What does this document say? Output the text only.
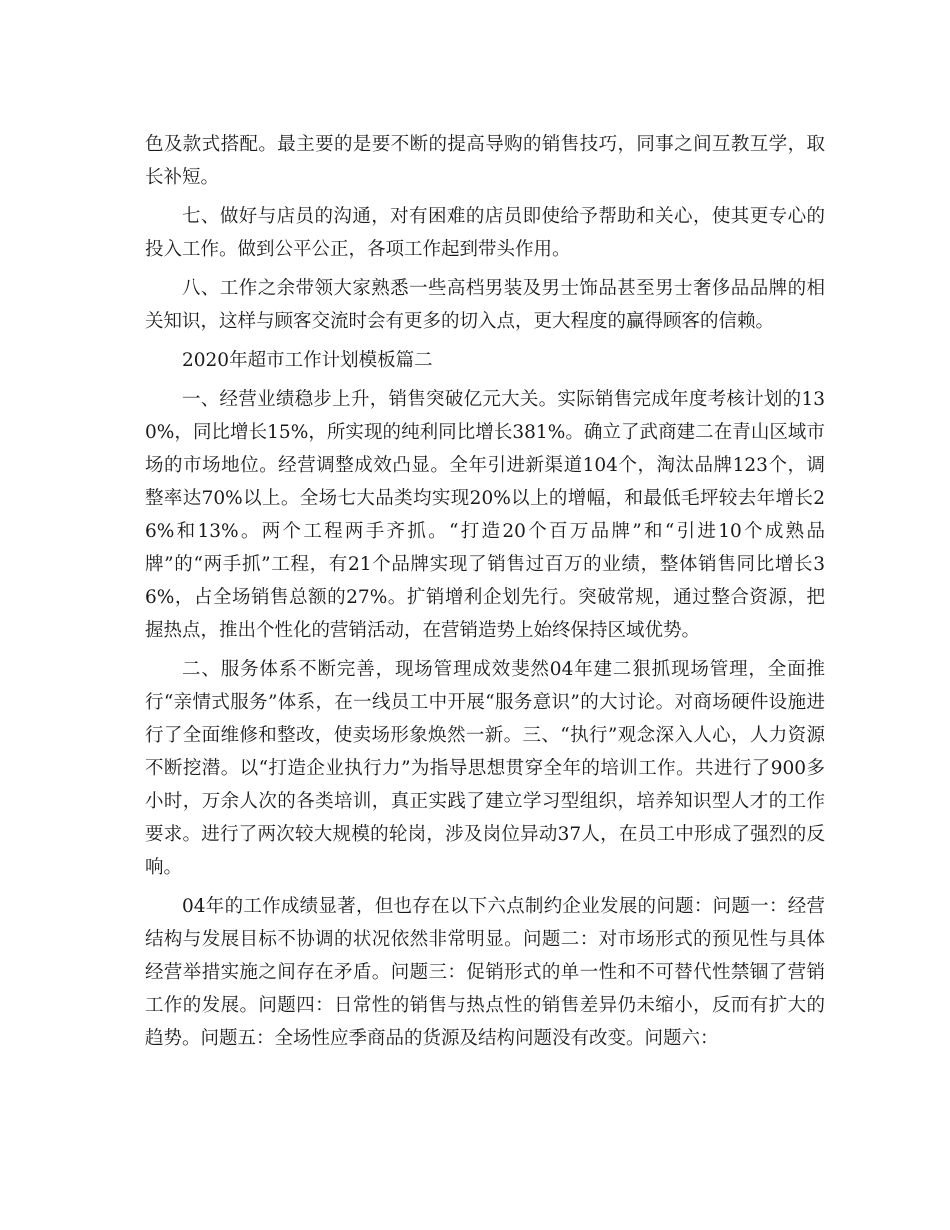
色及款式搭配。最主要的是要不断的提高导购的销售技巧，同事之间互教互学，取长补短。

七、做好与店员的沟通，对有困难的店员即使给予帮助和关心，使其更专心的投入工作。做到公平公正，各项工作起到带头作用。

八、工作之余带领大家熟悉一些高档男装及男士饰品甚至男士奢侈品品牌的相关知识，这样与顾客交流时会有更多的切入点，更大程度的赢得顾客的信赖。

2020年超市工作计划模板篇二

一、经营业绩稳步上升，销售突破亿元大关。实际销售完成年度考核计划的130%，同比增长15%，所实现的纯利同比增长381%。确立了武商建二在青山区域市场的市场地位。经营调整成效凸显。全年引进新渠道104个，淘汰品牌123个，调整率达70%以上。全场七大品类均实现20%以上的增幅，和最低毛坪较去年增长26%和13%。两个工程两手齐抓。“打造20个百万品牌”和“引进10个成熟品牌”的“两手抓”工程，有21个品牌实现了销售过百万的业绩，整体销售同比增长36%，占全场销售总额的27%。扩销增利企划先行。突破常规，通过整合资源，把握热点，推出个性化的营销活动，在营销造势上始终保持区域优势。

二、服务体系不断完善，现场管理成效斐然04年建二狠抓现场管理，全面推行“亲情式服务”体系，在一线员工中开展“服务意识”的大讨论。对商场硬件设施进行了全面维修和整改，使卖场形象焕然一新。三、“执行”观念深入人心，人力资源不断挖潜。以“打造企业执行力”为指导思想贯穿全年的培训工作。共进行了900多小时，万余人次的各类培训，真正实践了建立学习型组织，培养知识型人才的工作要求。进行了两次较大规模的轮岗，涉及岗位异动37人，在员工中形成了强烈的反响。

04年的工作成绩显著，但也存在以下六点制约企业发展的问题：问题一：经营结构与发展目标不协调的状况依然非常明显。问题二：对市场形式的预见性与具体经营举措实施之间存在矛盾。问题三：促销形式的单一性和不可替代性禁锢了营销工作的发展。问题四：日常性的销售与热点性的销售差异仍未缩小，反而有扩大的趋势。问题五：全场性应季商品的货源及结构问题没有改变。问题六：
